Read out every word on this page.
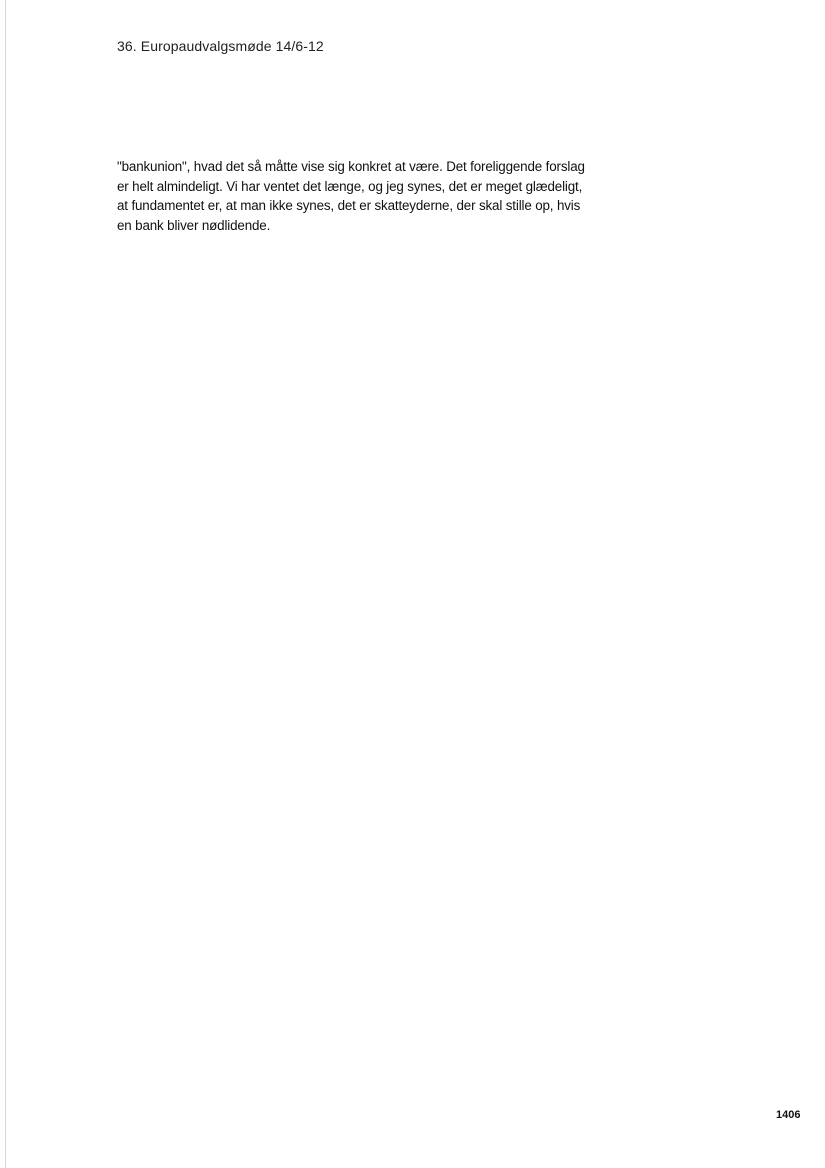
36. Europaudvalgsmøde 14/6-12

"bankunion", hvad det så måtte vise sig konkret at være. Det foreliggende forslag
er helt almindeligt. Vi har ventet det længe, og jeg synes, det er meget glædeligt,
at fundamentet er, at man ikke synes, det er skatteyderne, der skal stille op, hvis
en bank bliver nødlidende.

1406
